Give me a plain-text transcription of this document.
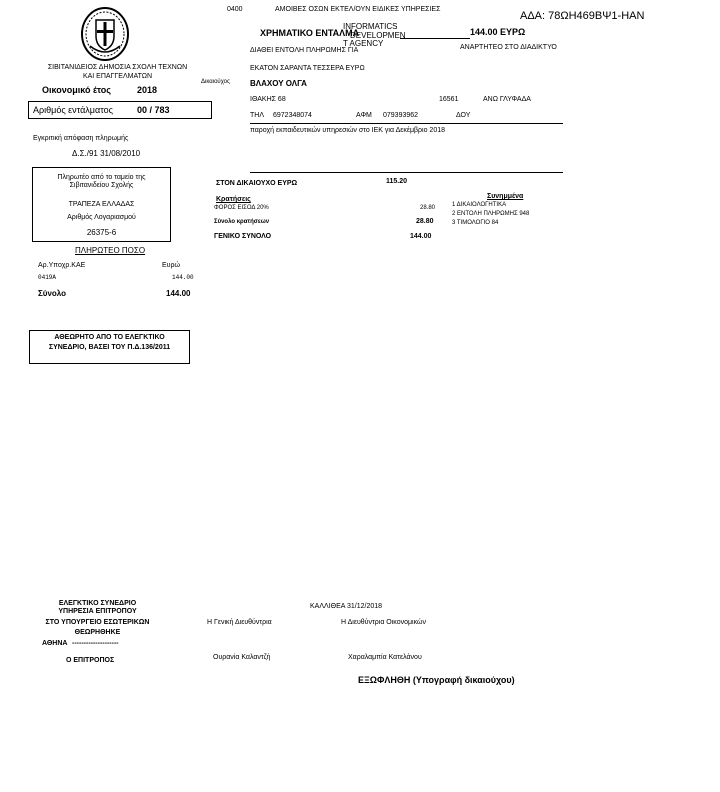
ΑΔΑ: 78ΩΗ469ΒΨ1-ΗΑΝ
0400	ΑΜΟΙΒΕΣ ΟΣΩΝ ΕΚΤΕΛ/ΟΥΝ ΕΙΔΙΚΕΣ ΥΠΗΡΕΣΙΕΣ
ΧΡΗΜΑΤΙΚΟ ΕΝΤΑΛΜΑ
INFORMATICS
DEVELOPMEN
T AGENCY
144.00 ΕΥΡΩ
ΔΙΑΘΕΙ ΕΝΤΟΛΗ ΠΛΗΡΩΜΗΣ ΓΙΑ	ΑΝΑΡΤΗΤΕΟ ΣΤΟ ΔΙΑΔΙΚΤΥΟ
ΣΙΒΙΤΑΝΙΔΕΙΟΣ ΔΗΜΟΣΙΑ ΣΧΟΛΗ ΤΕΧΝΩΝ
ΚΑΙ ΕΠΑΓΓΕΛΜΑΤΩΝ
Οικονομικό έτος	2018
Αριθμός εντάλματος	00 / 783
Εγκριτική απόφαση πληρωμής
Δ.Σ./91 31/08/2010
Πληρωτέο από το ταμείο της
Σιβιτανιδείου Σχολής
ΤΡΑΠΕΖΑ ΕΛΛΑΔΑΣ
Αριθμός Λογαριασμού
26375-6
ΠΛΗΡΩΤΕΟ ΠΟΣΟ
Αρ.Υποχρ.ΚΑΕ	Ευρώ
0419A	144.00
Σύνολο	144.00
ΑΘΕΩΡΗΤΟ ΑΠΟ ΤΟ ΕΛΕΓΚΤΙΚΟ
ΣΥΝΕΔΡΙΟ, ΒΑΣΕΙ ΤΟΥ Π.Δ.136/2011
Δικαιούχος
ΕΚΑΤΟΝ ΣΑΡΑΝΤΑ ΤΕΣΣΕΡΑ ΕΥΡΩ
ΒΛΑΧΟΥ ΟΛΓΑ
ΙΘΑΚΗΣ 68	16561	ΑΝΩ ΓΛΥΦΑΔΑ
ΤΗΛ 6972348074	ΑΦΜ 079393962	ΔΟΥ
παροχή εκπαιδευτικών υπηρεσιών στο ΙΕΚ για Δεκέμβριο 2018
ΣΤΟΝ ΔΙΚΑΙΟΥΧΟ ΕΥΡΩ	115.20
Κρατήσεις
ΦΟΡΟΣ ΕΙΣΟΔ 20%	28.80
Σύνολο κρατήσεων	28.80
ΓΕΝΙΚΟ ΣΥΝΟΛΟ	144.00
Συνημμένα
1 ΔΙΚΑΙΟΛΟΓΗΤΙΚΑ
2 ΕΝΤΟΛΗ ΠΛΗΡΩΜΗΣ 948
3 ΤΙΜΟΛΟΓΙΟ 84
ΕΛΕΓΚΤΙΚΟ ΣΥΝΕΔΡΙΟ
ΥΠΗΡΕΣΙΑ ΕΠΙΤΡΟΠΟΥ
ΣΤΟ ΥΠΟΥΡΓΕΙΟ ΕΣΩΤΕΡΙΚΩΝ
ΘΕΩΡΗΘΗΚΕ
ΑΘΗΝΑ --------------------
Ο ΕΠΙΤΡΟΠΟΣ
ΚΑΛΛΙΘΕΑ 31/12/2018
Η Γενική Διευθύντρια	Η Διευθύντρια Οικονομικών
Ουρανία Καλαντζή	Χαραλαμπία Κατελάνου
ΕΞΩΦΛΗΘΗ (Υπογραφή δικαιούχου)
